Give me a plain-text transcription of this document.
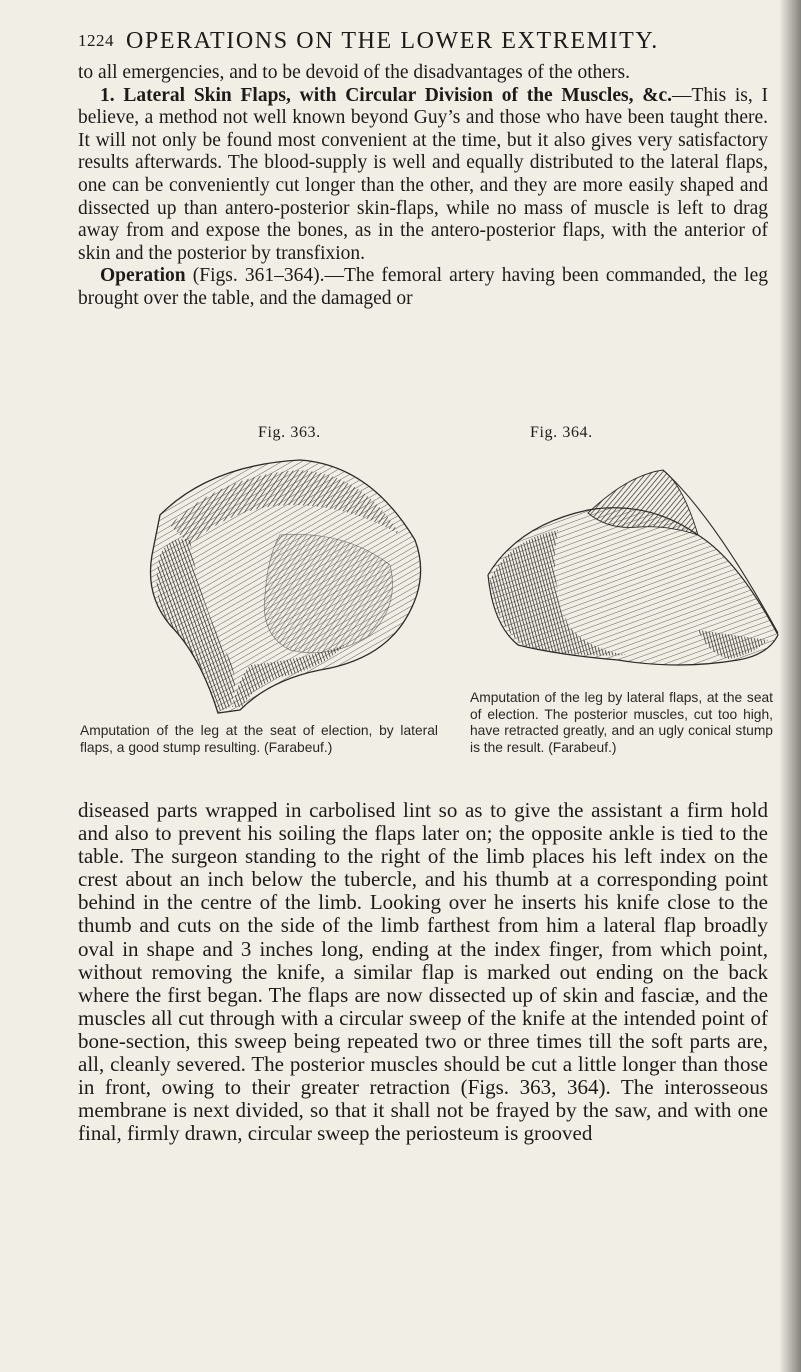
1224 OPERATIONS ON THE LOWER EXTREMITY.

to all emergencies, and to be devoid of the disadvantages of the others.

1. Lateral Skin Flaps, with Circular Division of the Muscles, &c.—This is, I believe, a method not well known beyond Guy’s and those who have been taught there. It will not only be found most convenient at the time, but it also gives very satisfactory results afterwards. The blood-supply is well and equally distributed to the lateral flaps, one can be conveniently cut longer than the other, and they are more easily shaped and dissected up than antero-posterior skin-flaps, while no mass of muscle is left to drag away from and expose the bones, as in the antero-posterior flaps, with the anterior of skin and the posterior by transfixion.

Operation (Figs. 361–364).—The femoral artery having been commanded, the leg brought over the table, and the damaged or

Fig. 363.	Fig. 364.

Amputation of the leg at the seat of election, by lateral flaps, a good stump resulting. (Farabeuf.)

Amputation of the leg by lateral flaps, at the seat of election. The posterior muscles, cut too high, have retracted greatly, and an ugly conical stump is the result. (Farabeuf.)

diseased parts wrapped in carbolised lint so as to give the assistant a firm hold and also to prevent his soiling the flaps later on; the opposite ankle is tied to the table. The surgeon standing to the right of the limb places his left index on the crest about an inch below the tubercle, and his thumb at a corresponding point behind in the centre of the limb. Looking over he inserts his knife close to the thumb and cuts on the side of the limb farthest from him a lateral flap broadly oval in shape and 3 inches long, ending at the index finger, from which point, without removing the knife, a similar flap is marked out ending on the back where the first began. The flaps are now dissected up of skin and fasciæ, and the muscles all cut through with a circular sweep of the knife at the intended point of bone-section, this sweep being repeated two or three times till the soft parts are, all, cleanly severed. The posterior muscles should be cut a little longer than those in front, owing to their greater retraction (Figs. 363, 364). The interosseous membrane is next divided, so that it shall not be frayed by the saw, and with one final, firmly drawn, circular sweep the periosteum is grooved
